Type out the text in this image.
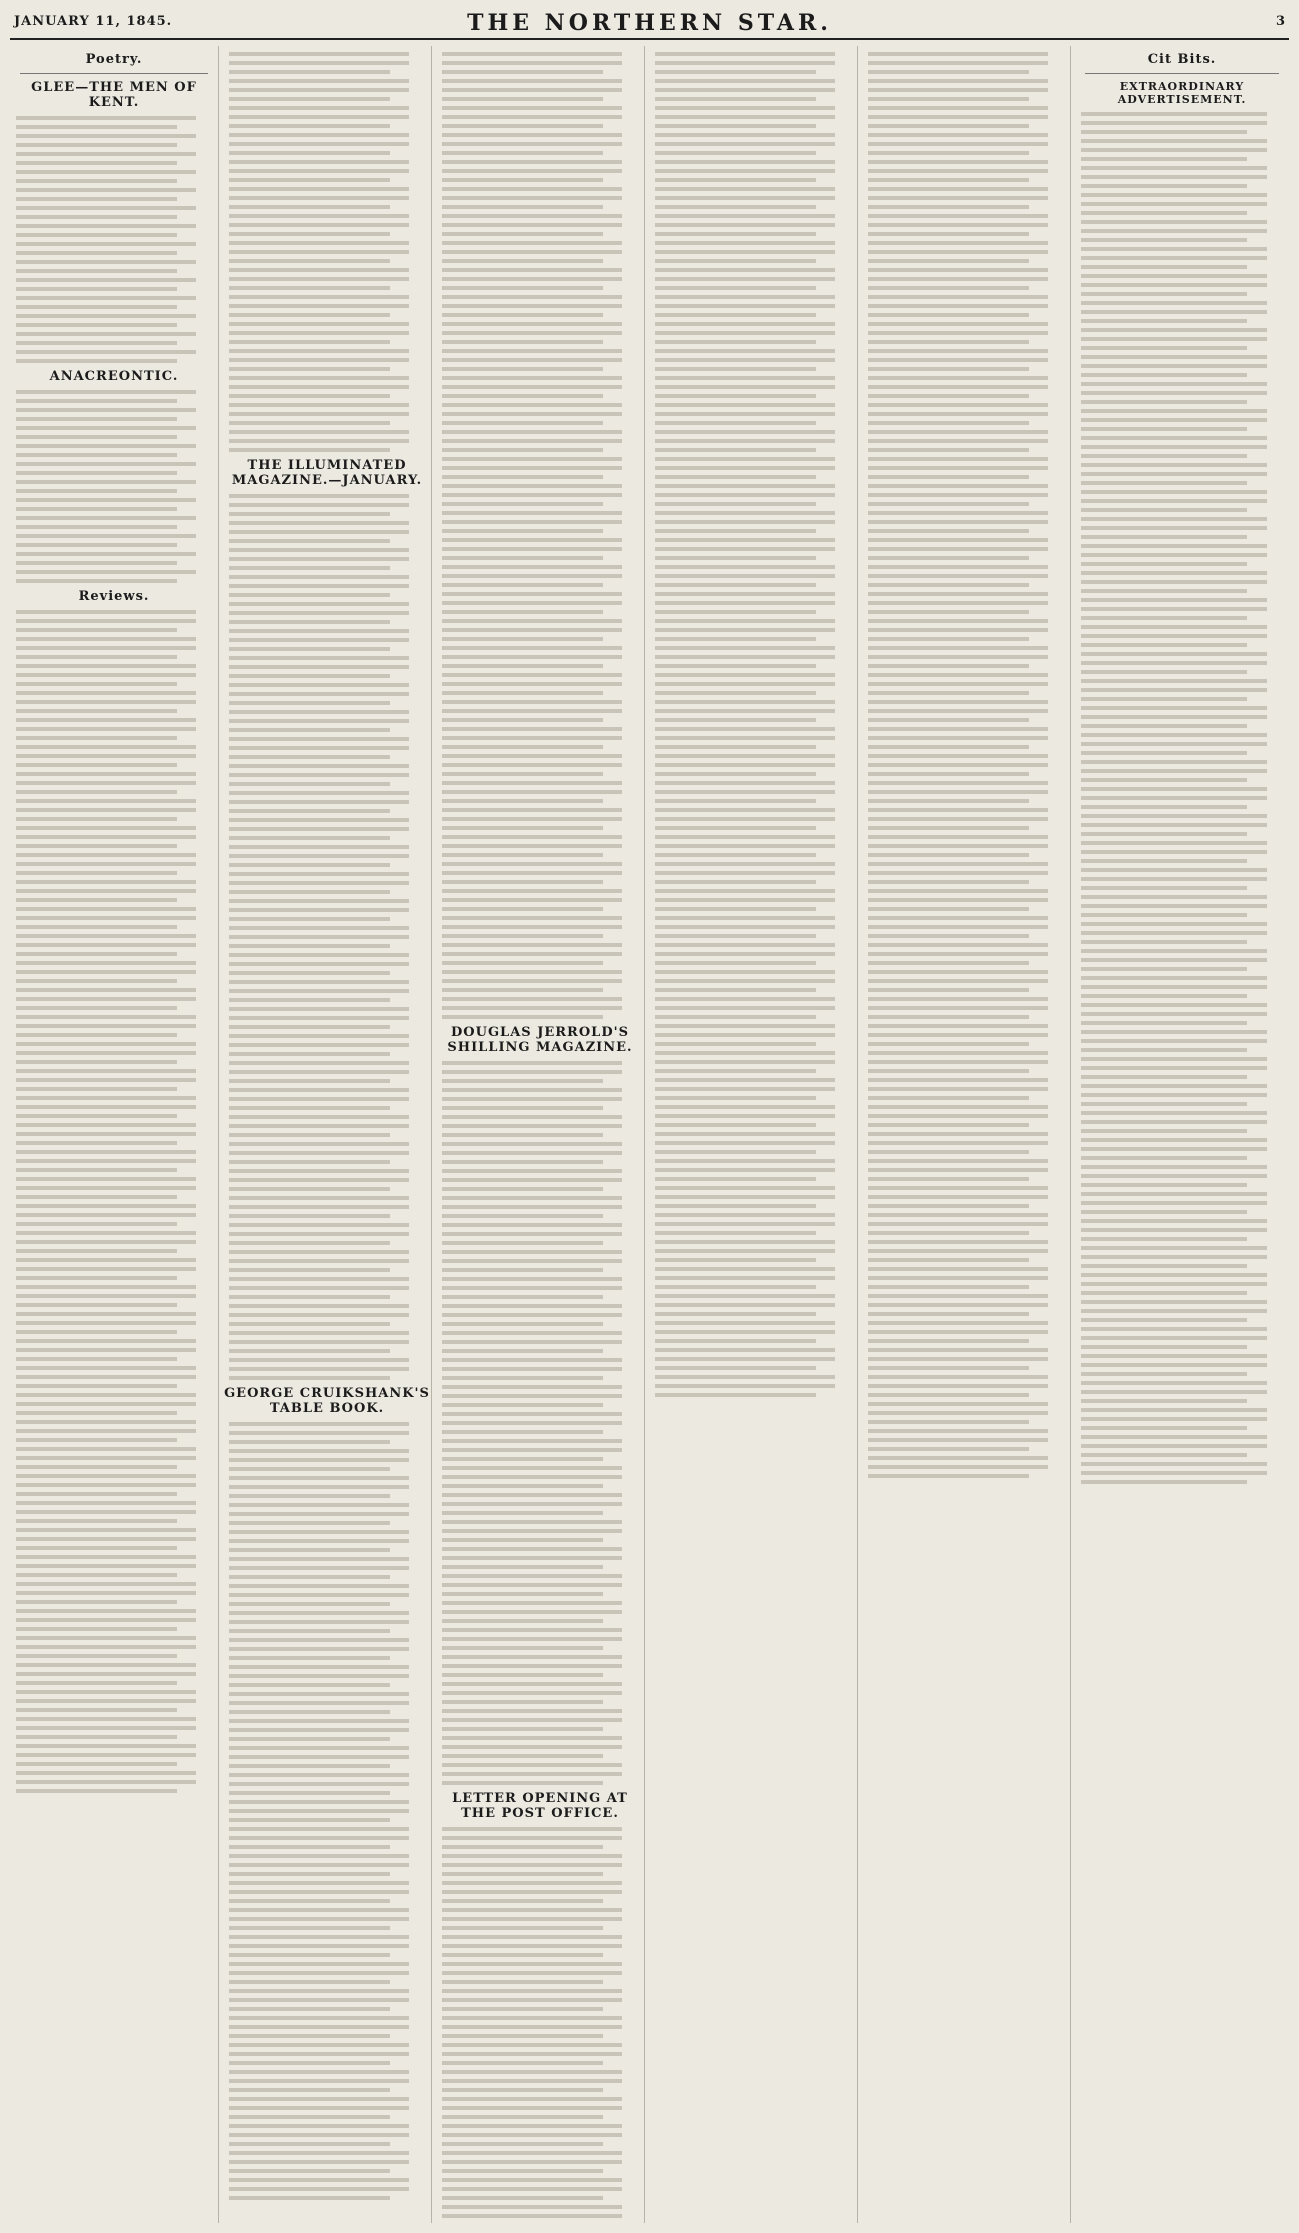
JANUARY 11, 1845.	THE NORTHERN STAR.	3
Poetry.
GLEE—THE MEN OF KENT.
ANACREONTIC.
Reviews.
THE ILLUMINATED MAGAZINE.—JANUARY.
GEORGE CRUIKSHANK'S TABLE BOOK.
DOUGLAS JERROLD'S SHILLING MAGAZINE.
LETTER OPENING AT THE POST OFFICE.
Cit Bits.
EXTRAORDINARY ADVERTISEMENT.
